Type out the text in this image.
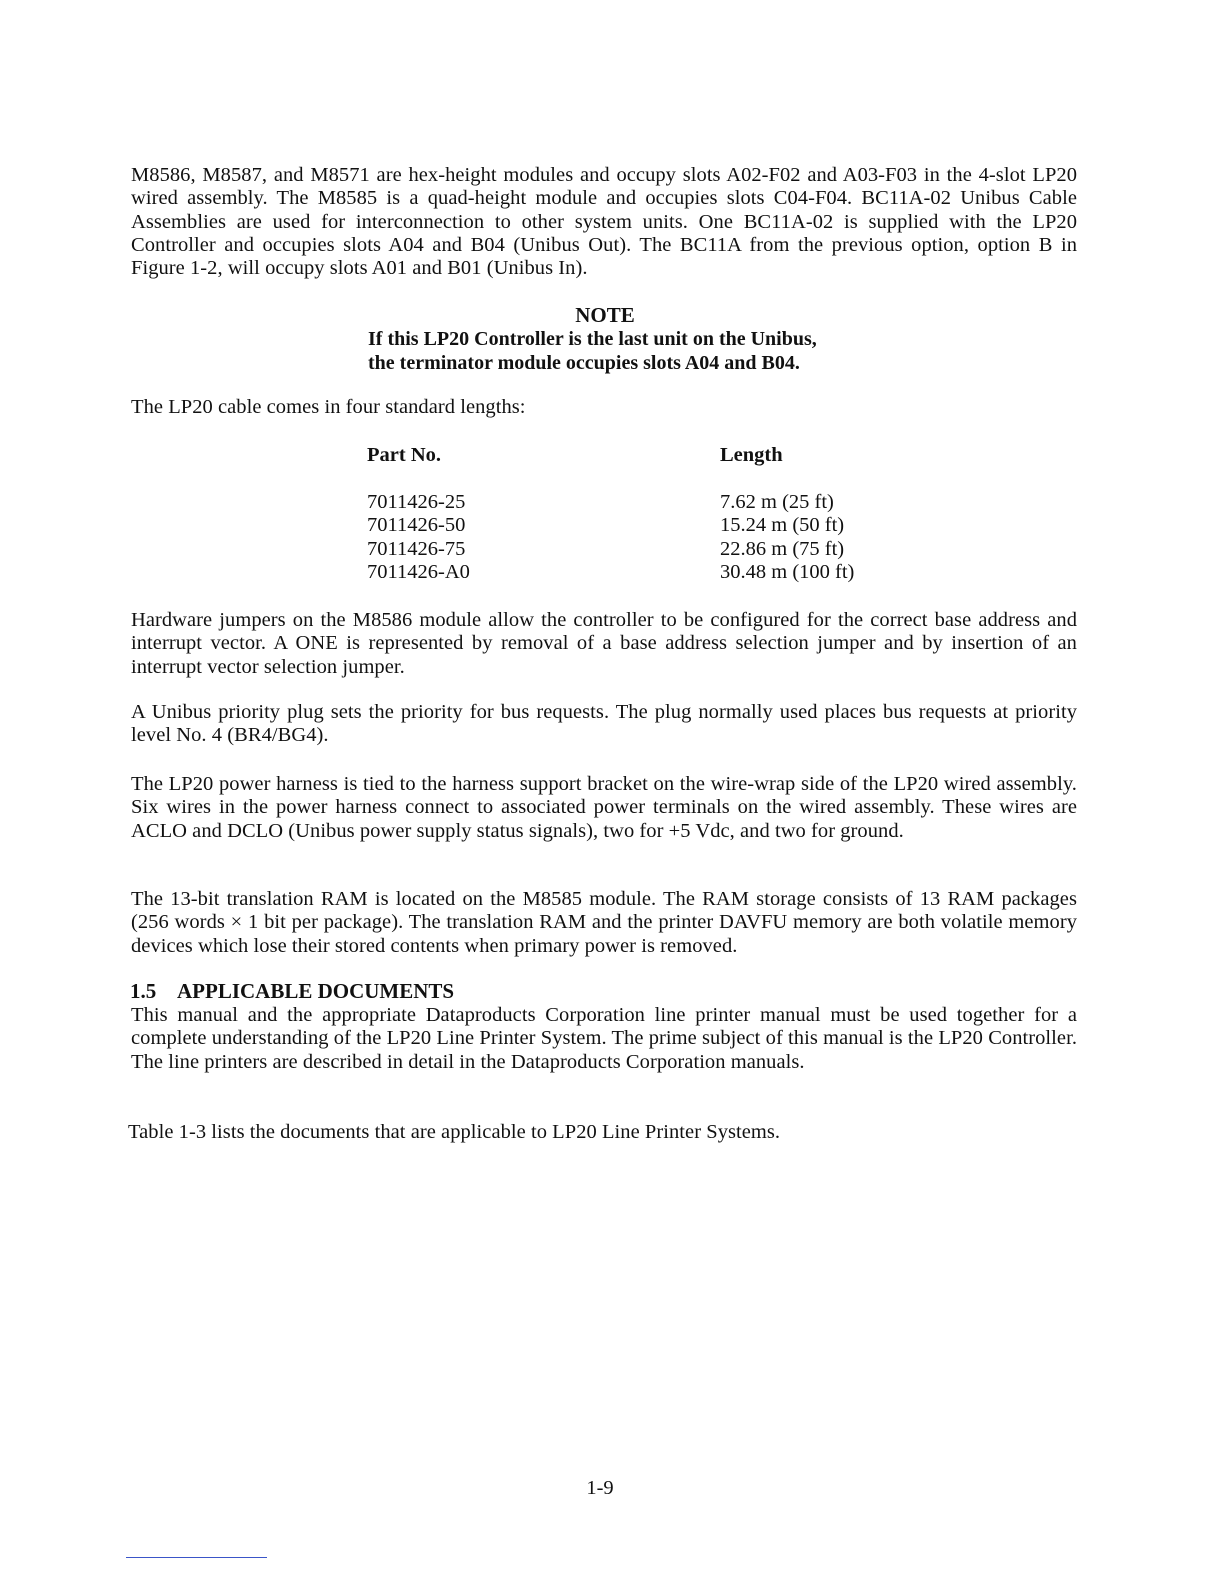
M8586, M8587, and M8571 are hex-height modules and occupy slots A02-F02 and A03-F03 in the 4-slot LP20 wired assembly. The M8585 is a quad-height module and occupies slots C04-F04. BC11A-02 Unibus Cable Assemblies are used for interconnection to other system units. One BC11A-02 is supplied with the LP20 Controller and occupies slots A04 and B04 (Unibus Out). The BC11A from the previous option, option B in Figure 1-2, will occupy slots A01 and B01 (Unibus In).

NOTE
If this LP20 Controller is the last unit on the Unibus,
the terminator module occupies slots A04 and B04.

The LP20 cable comes in four standard lengths:

Part No.	Length
7011426-25	7.62 m (25 ft)
7011426-50	15.24 m (50 ft)
7011426-75	22.86 m (75 ft)
7011426-A0	30.48 m (100 ft)

Hardware jumpers on the M8586 module allow the controller to be configured for the correct base address and interrupt vector. A ONE is represented by removal of a base address selection jumper and by insertion of an interrupt vector selection jumper.

A Unibus priority plug sets the priority for bus requests. The plug normally used places bus requests at priority level No. 4 (BR4/BG4).

The LP20 power harness is tied to the harness support bracket on the wire-wrap side of the LP20 wired assembly. Six wires in the power harness connect to associated power terminals on the wired assembly. These wires are ACLO and DCLO (Unibus power supply status signals), two for +5 Vdc, and two for ground.

The 13-bit translation RAM is located on the M8585 module. The RAM storage consists of 13 RAM packages (256 words × 1 bit per package). The translation RAM and the printer DAVFU memory are both volatile memory devices which lose their stored contents when primary power is removed.

1.5 APPLICABLE DOCUMENTS

This manual and the appropriate Dataproducts Corporation line printer manual must be used together for a complete understanding of the LP20 Line Printer System. The prime subject of this manual is the LP20 Controller. The line printers are described in detail in the Dataproducts Corporation manuals.

Table 1-3 lists the documents that are applicable to LP20 Line Printer Systems.

1-9
